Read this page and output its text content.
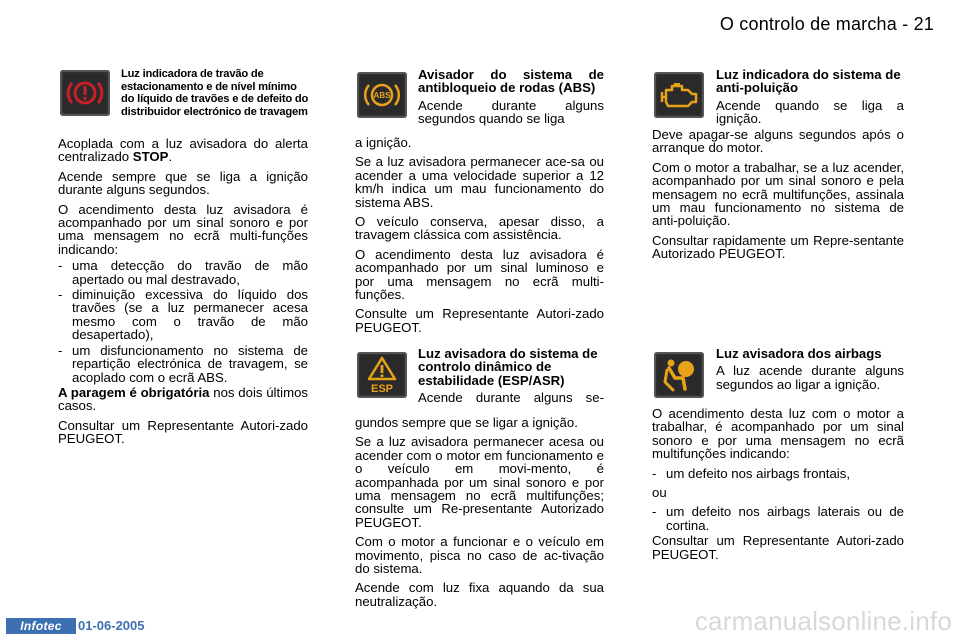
O controlo de marcha - 21
Luz indicadora de travão de estacionamento e de nível mínimo do líquido de travões e de defeito do distribuidor electrónico de travagem

Acoplada com a luz avisadora do alerta centralizado STOP.

Acende sempre que se liga a ignição durante alguns segundos.

O acendimento desta luz avisadora é acompanhado por um sinal sonoro e por uma mensagem no ecrã multi-funções indicando:

- uma detecção do travão de mão apertado ou mal destravado,
- diminuição excessiva do líquido dos travões (se a luz permanecer acesa mesmo com o travão de mão desapertado),
- um disfuncionamento no sistema de repartição electrónica de travagem, se acoplado com o ecrã ABS.

A paragem é obrigatória nos dois últimos casos.

Consultar um Representante Autori-zado PEUGEOT.

ABS
Avisador do sistema de antibloqueio de rodas (ABS)

Acende durante alguns segundos quando se liga

a ignição.

Se a luz avisadora permanecer ace-sa ou acender a uma velocidade superior a 12 km/h indica um mau funcionamento do sistema ABS.

O veículo conserva, apesar disso, a travagem clássica com assistência.

O acendimento desta luz avisadora é acompanhado por um sinal luminoso e por uma mensagem no ecrã multi-funções.

Consulte um Representante Autori-zado PEUGEOT.

ESP
Luz avisadora do sistema de controlo dinâmico de estabilidade (ESP/ASR)

Acende durante alguns se-

gundos sempre que se ligar a ignição.

Se a luz avisadora permanecer acesa ou acender com o motor em funcionamento e o veículo em movi-mento, é acompanhada por um sinal sonoro e por uma mensagem no ecrã multifunções; consulte um Re-presentante Autorizado PEUGEOT.

Com o motor a funcionar e o veículo em movimento, pisca no caso de ac-tivação do sistema.

Acende com luz fixa aquando da sua neutralização.

Luz indicadora do sistema de anti-poluição

Acende quando se liga a ignição.

Deve apagar-se alguns segundos após o arranque do motor.

Com o motor a trabalhar, se a luz acender, acompanhado por um sinal sonoro e pela mensagem no ecrã multifunções, assinala um mau funcionamento no sistema de anti-poluição.

Consultar rapidamente um Repre-sentante Autorizado PEUGEOT.

Luz avisadora dos airbags

A luz acende durante alguns segundos ao ligar a ignição.

O acendimento desta luz com o motor a trabalhar, é acompanhado por um sinal sonoro e por uma mensagem no ecrã multifunções indicando:

- um defeito nos airbags frontais,

ou

- um defeito nos airbags laterais ou de cortina.

Consultar um Representante Autori-zado PEUGEOT.

Infotec	01-06-2005	carmanualsonline.info
